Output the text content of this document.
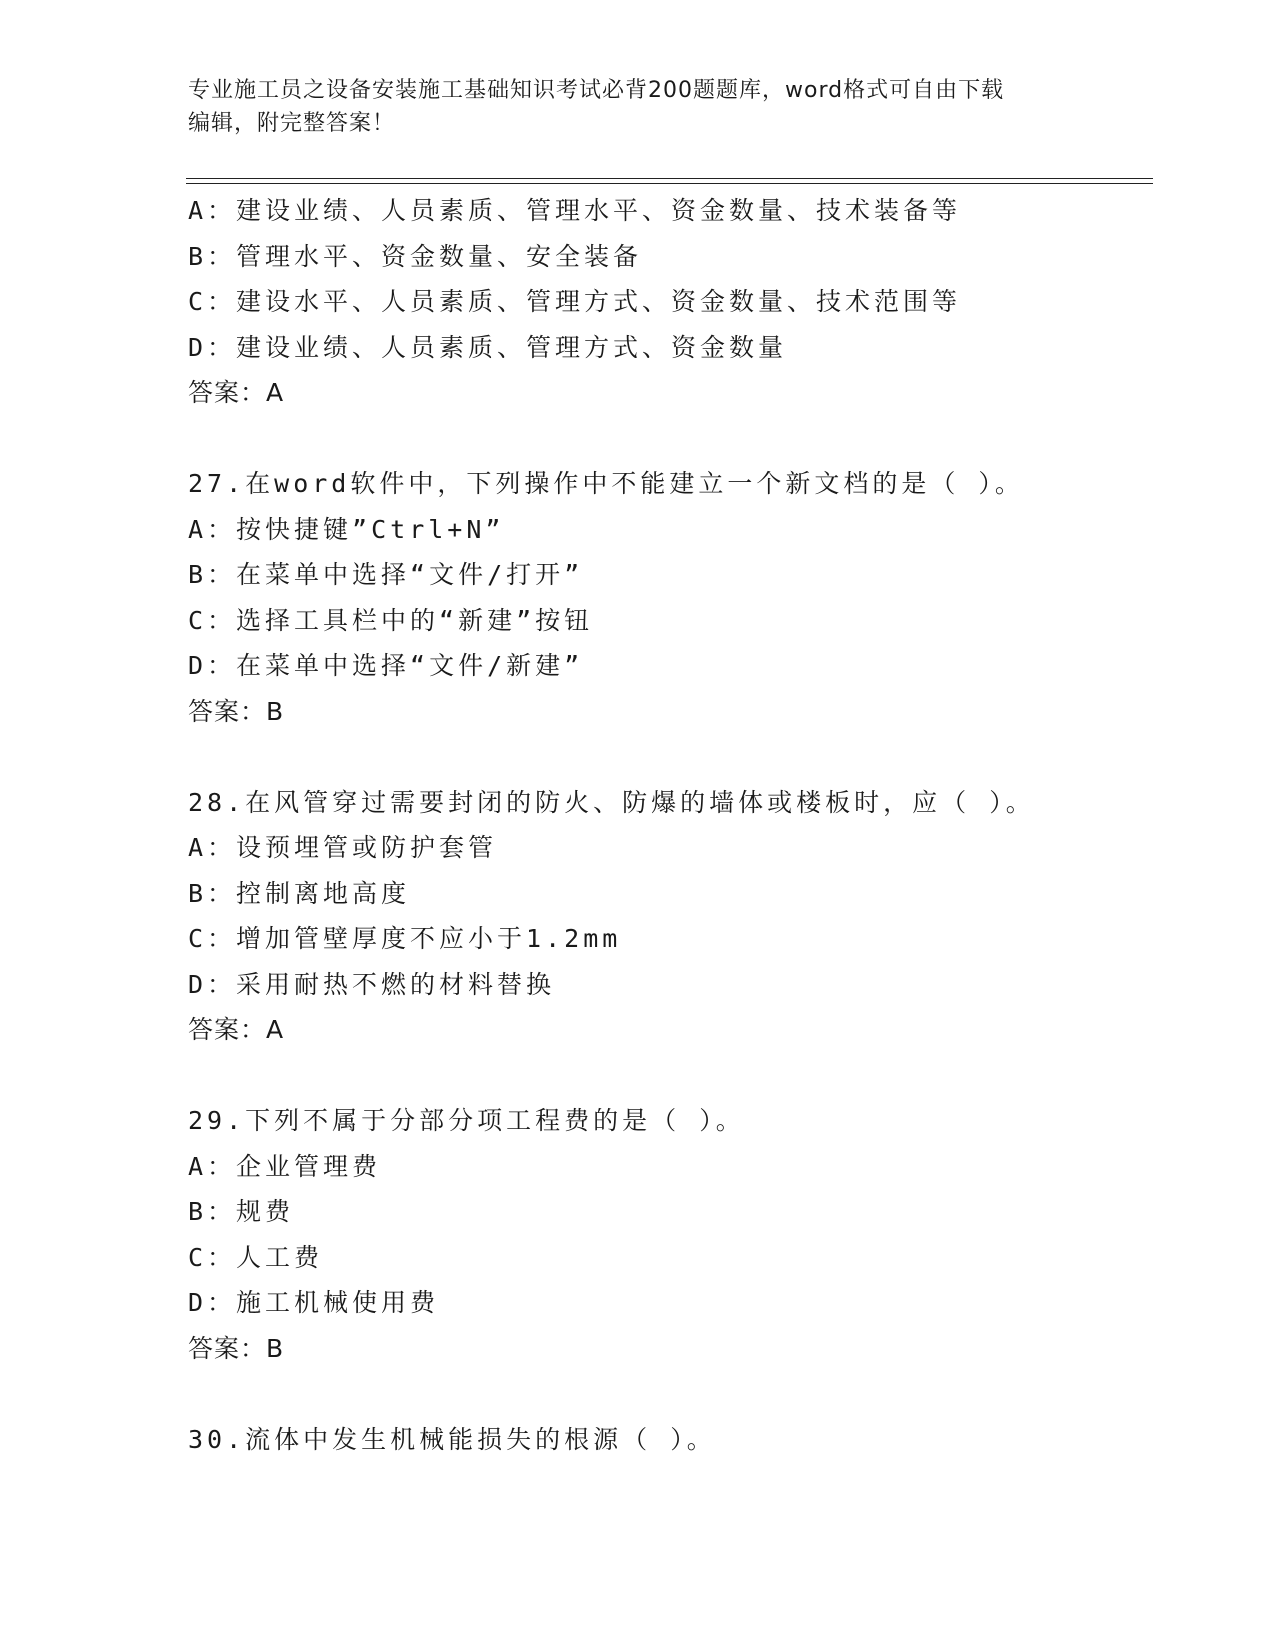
专业施工员之设备安装施工基础知识考试必背200题题库，word格式可自由下载
编辑，附完整答案！
A：建设业绩、人员素质、管理水平、资金数量、技术装备等
B：管理水平、资金数量、安全装备
C：建设水平、人员素质、管理方式、资金数量、技术范围等
D：建设业绩、人员素质、管理方式、资金数量
答案：A
27.在word软件中，下列操作中不能建立一个新文档的是（ ）。
A：按快捷键”Ctrl+N”
B：在菜单中选择“文件/打开”
C：选择工具栏中的“新建”按钮
D：在菜单中选择“文件/新建”
答案：B
28.在风管穿过需要封闭的防火、防爆的墙体或楼板时，应（ ）。
A：设预埋管或防护套管
B：控制离地高度
C：增加管壁厚度不应小于1.2mm
D：采用耐热不燃的材料替换
答案：A
29.下列不属于分部分项工程费的是（ ）。
A：企业管理费
B：规费
C：人工费
D：施工机械使用费
答案：B
30.流体中发生机械能损失的根源（ ）。
